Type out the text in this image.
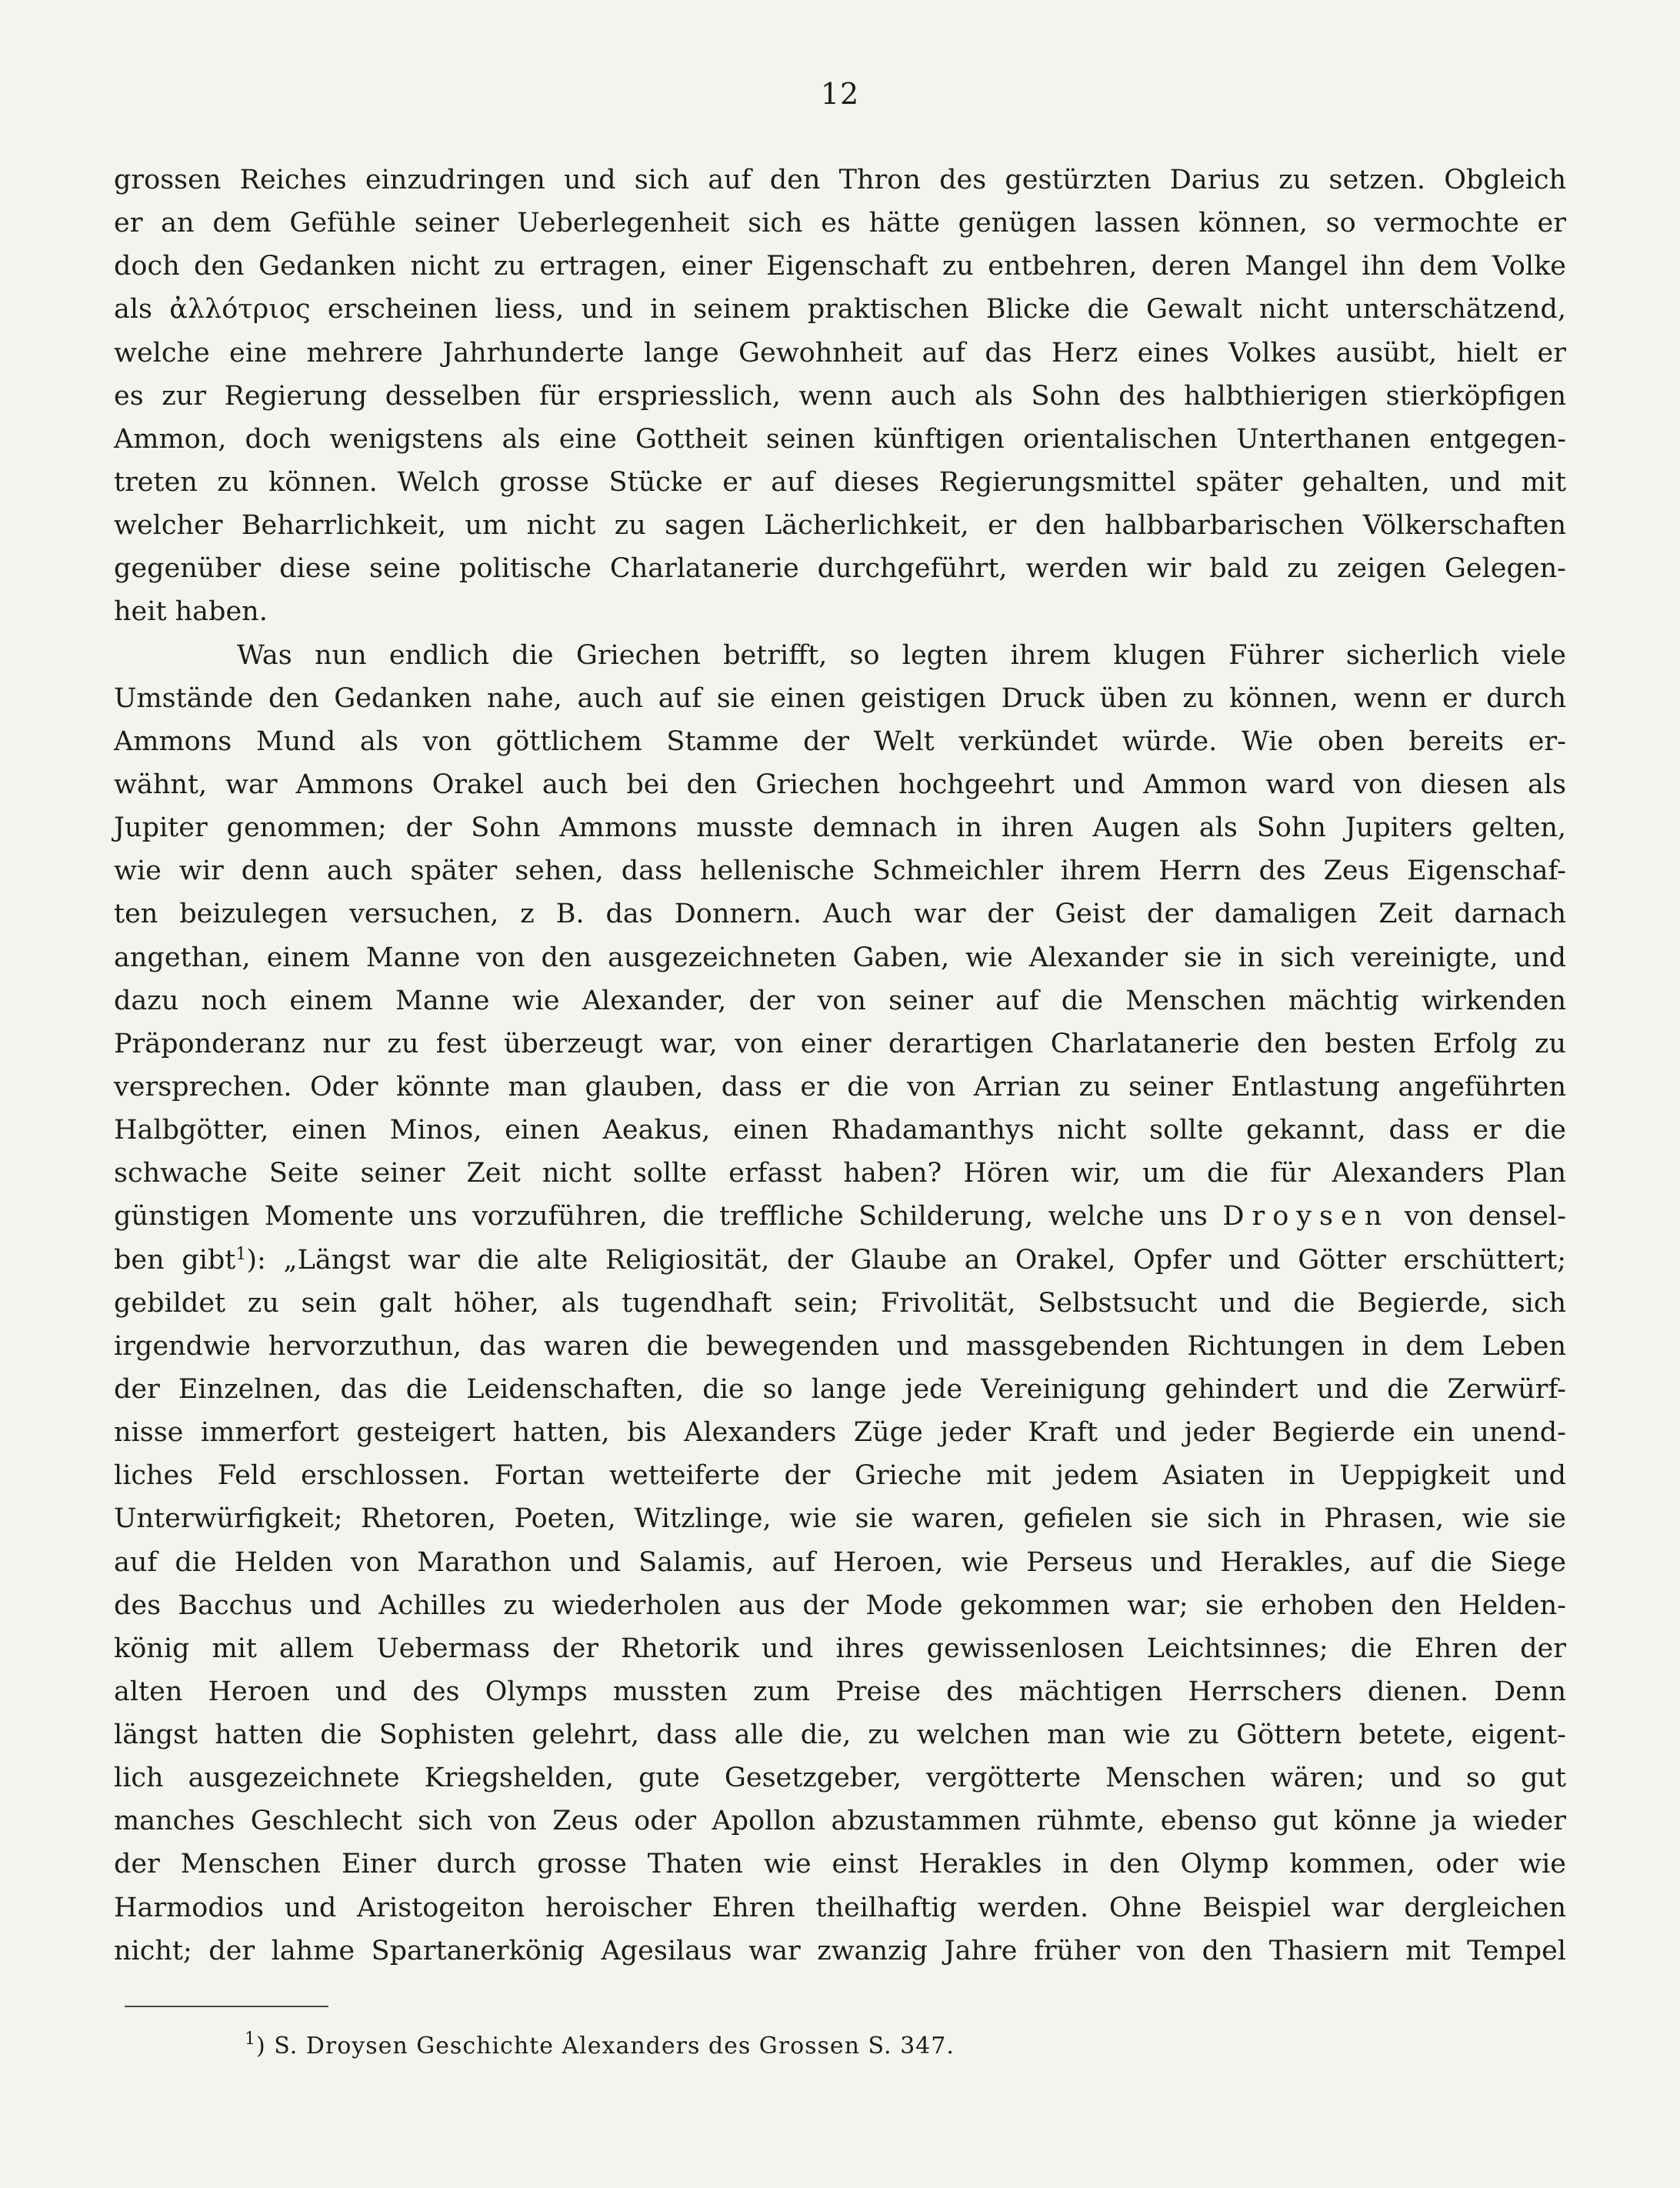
12
grossen Reiches einzudringen und sich auf den Thron des gestürzten Darius zu setzen. Obgleich
er an dem Gefühle seiner Ueberlegenheit sich es hätte genügen lassen können, so vermochte er
doch den Gedanken nicht zu ertragen, einer Eigenschaft zu entbehren, deren Mangel ihn dem Volke
als ἀλλότριος erscheinen liess, und in seinem praktischen Blicke die Gewalt nicht unterschätzend,
welche eine mehrere Jahrhunderte lange Gewohnheit auf das Herz eines Volkes ausübt, hielt er
es zur Regierung desselben für erspriesslich, wenn auch als Sohn des halbthierigen stierköpfigen
Ammon, doch wenigstens als eine Gottheit seinen künftigen orientalischen Unterthanen entgegen-
treten zu können. Welch grosse Stücke er auf dieses Regierungsmittel später gehalten, und mit
welcher Beharrlichkeit, um nicht zu sagen Lächerlichkeit, er den halbbarbarischen Völkerschaften
gegenüber diese seine politische Charlatanerie durchgeführt, werden wir bald zu zeigen Gelegen-
heit haben.
Was nun endlich die Griechen betrifft, so legten ihrem klugen Führer sicherlich viele
Umstände den Gedanken nahe, auch auf sie einen geistigen Druck üben zu können, wenn er durch
Ammons Mund als von göttlichem Stamme der Welt verkündet würde. Wie oben bereits er-
wähnt, war Ammons Orakel auch bei den Griechen hochgeehrt und Ammon ward von diesen als
Jupiter genommen; der Sohn Ammons musste demnach in ihren Augen als Sohn Jupiters gelten,
wie wir denn auch später sehen, dass hellenische Schmeichler ihrem Herrn des Zeus Eigenschaf-
ten beizulegen versuchen, z B. das Donnern. Auch war der Geist der damaligen Zeit darnach
angethan, einem Manne von den ausgezeichneten Gaben, wie Alexander sie in sich vereinigte, und
dazu noch einem Manne wie Alexander, der von seiner auf die Menschen mächtig wirkenden
Präponderanz nur zu fest überzeugt war, von einer derartigen Charlatanerie den besten Erfolg zu
versprechen. Oder könnte man glauben, dass er die von Arrian zu seiner Entlastung angeführten
Halbgötter, einen Minos, einen Aeakus, einen Rhadamanthys nicht sollte gekannt, dass er die
schwache Seite seiner Zeit nicht sollte erfasst haben? Hören wir, um die für Alexanders Plan
günstigen Momente uns vorzuführen, die treffliche Schilderung, welche uns Droysen von densel-
ben gibt$^1$): „Längst war die alte Religiosität, der Glaube an Orakel, Opfer und Götter erschüttert;
gebildet zu sein galt höher, als tugendhaft sein; Frivolität, Selbstsucht und die Begierde, sich
irgendwie hervorzuthun, das waren die bewegenden und massgebenden Richtungen in dem Leben
der Einzelnen, das die Leidenschaften, die so lange jede Vereinigung gehindert und die Zerwürf-
nisse immerfort gesteigert hatten, bis Alexanders Züge jeder Kraft und jeder Begierde ein unend-
liches Feld erschlossen. Fortan wetteiferte der Grieche mit jedem Asiaten in Ueppigkeit und
Unterwürfigkeit; Rhetoren, Poeten, Witzlinge, wie sie waren, gefielen sie sich in Phrasen, wie sie
auf die Helden von Marathon und Salamis, auf Heroen, wie Perseus und Herakles, auf die Siege
des Bacchus und Achilles zu wiederholen aus der Mode gekommen war; sie erhoben den Helden-
könig mit allem Uebermass der Rhetorik und ihres gewissenlosen Leichtsinnes; die Ehren der
alten Heroen und des Olymps mussten zum Preise des mächtigen Herrschers dienen. Denn
längst hatten die Sophisten gelehrt, dass alle die, zu welchen man wie zu Göttern betete, eigent-
lich ausgezeichnete Kriegshelden, gute Gesetzgeber, vergötterte Menschen wären; und so gut
manches Geschlecht sich von Zeus oder Apollon abzustammen rühmte, ebenso gut könne ja wieder
der Menschen Einer durch grosse Thaten wie einst Herakles in den Olymp kommen, oder wie
Harmodios und Aristogeiton heroischer Ehren theilhaftig werden. Ohne Beispiel war dergleichen
nicht; der lahme Spartanerkönig Agesilaus war zwanzig Jahre früher von den Thasiern mit Tempel
$^1$) S. Droysen Geschichte Alexanders des Grossen S. 347.
